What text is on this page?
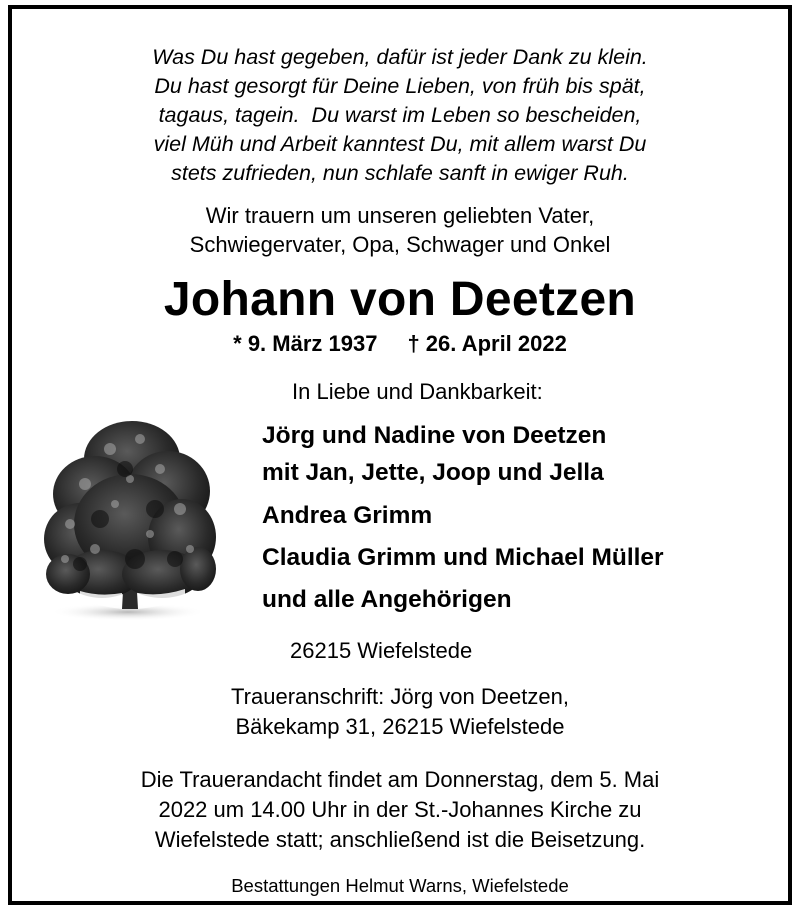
Was Du hast gegeben, dafür ist jeder Dank zu klein.
Du hast gesorgt für Deine Lieben, von früh bis spät,
tagaus, tagein.  Du warst im Leben so bescheiden,
viel Müh und Arbeit kanntest Du, mit allem warst Du
stets zufrieden, nun schlafe sanft in ewiger Ruh.
Wir trauern um unseren geliebten Vater,
Schwiegervater, Opa, Schwager und Onkel
Johann von Deetzen
* 9. März 1937 † 26. April 2022
In Liebe und Dankbarkeit:
Jörg und Nadine von Deetzen
mit Jan, Jette, Joop und Jella
Andrea Grimm
Claudia Grimm und Michael Müller
und alle Angehörigen
26215 Wiefelstede
Traueranschrift: Jörg von Deetzen,
Bäkekamp 31, 26215 Wiefelstede
Die Trauerandacht findet am Donnerstag, dem 5. Mai
2022 um 14.00 Uhr in der St.-Johannes Kirche zu
Wiefelstede statt; anschließend ist die Beisetzung.
Bestattungen Helmut Warns, Wiefelstede
